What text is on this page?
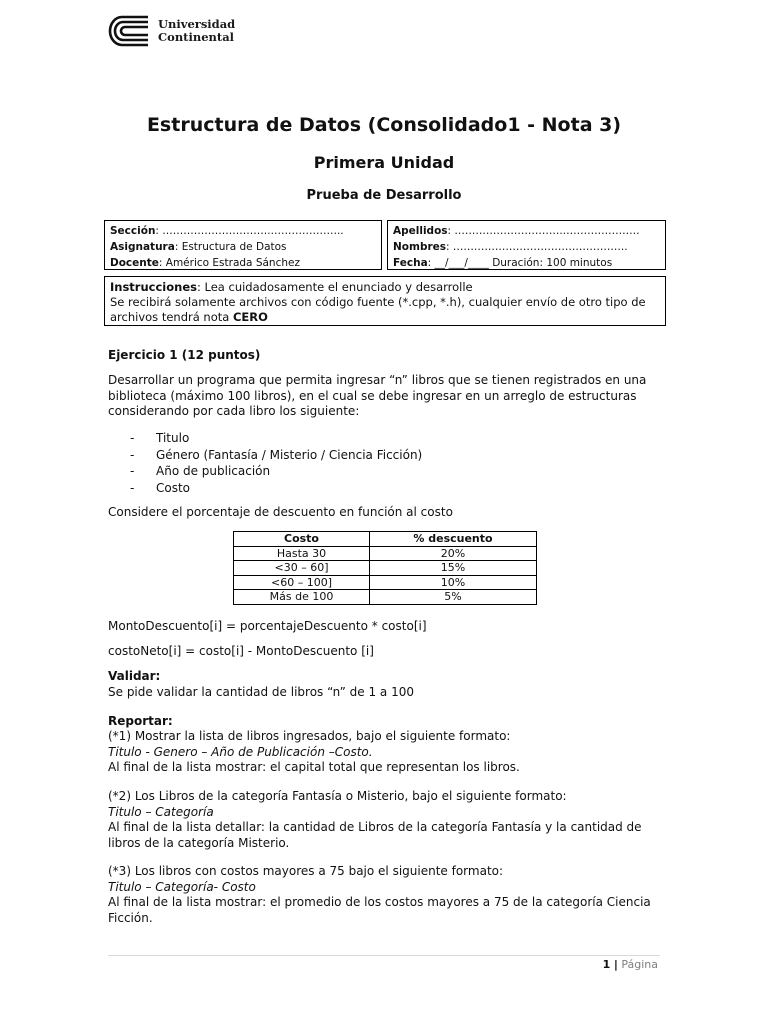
Universidad
Continental
Estructura de Datos (Consolidado1 - Nota 3)
Primera Unidad
Prueba de Desarrollo
Sección: …………………………..………………..
Asignatura: Estructura de Datos
Docente: Américo Estrada Sánchez
Apellidos: …………………………..…………………
Nombres: …………………………………………..
Fecha: __/___/____ Duración: 100 minutos
Instrucciones: Lea cuidadosamente el enunciado y desarrolle
Se recibirá solamente archivos con código fuente (*.cpp, *.h), cualquier envío de otro tipo de archivos tendrá nota CERO
Ejercicio 1 (12 puntos)
Desarrollar un programa que permita ingresar “n” libros que se tienen registrados en una biblioteca (máximo 100 libros), en el cual se debe ingresar en un arreglo de estructuras considerando por cada libro los siguiente:
-	Titulo
-	Género (Fantasía / Misterio / Ciencia Ficción)
-	Año de publicación
-	Costo
Considere el porcentaje de descuento en función al costo
Costo	% descuento
Hasta 30	20%
<30 – 60]	15%
<60 – 100]	10%
Más de 100	5%
MontoDescuento[i] = porcentajeDescuento * costo[i]
costoNeto[i] = costo[i] - MontoDescuento [i]
Validar:
Se pide validar la cantidad de libros “n” de 1 a 100
Reportar:
(*1) Mostrar la lista de libros ingresados, bajo el siguiente formato:
Titulo - Genero – Año de Publicación –Costo.
Al final de la lista mostrar: el capital total que representan los libros.
(*2) Los Libros de la categoría Fantasía o Misterio, bajo el siguiente formato:
Titulo – Categoría
Al final de la lista detallar: la cantidad de Libros de la categoría Fantasía y la cantidad de libros de la categoría Misterio.
(*3) Los libros con costos mayores a 75 bajo el siguiente formato:
Titulo – Categoría- Costo
Al final de la lista mostrar: el promedio de los costos mayores a 75 de la categoría Ciencia Ficción.
1 | Página
